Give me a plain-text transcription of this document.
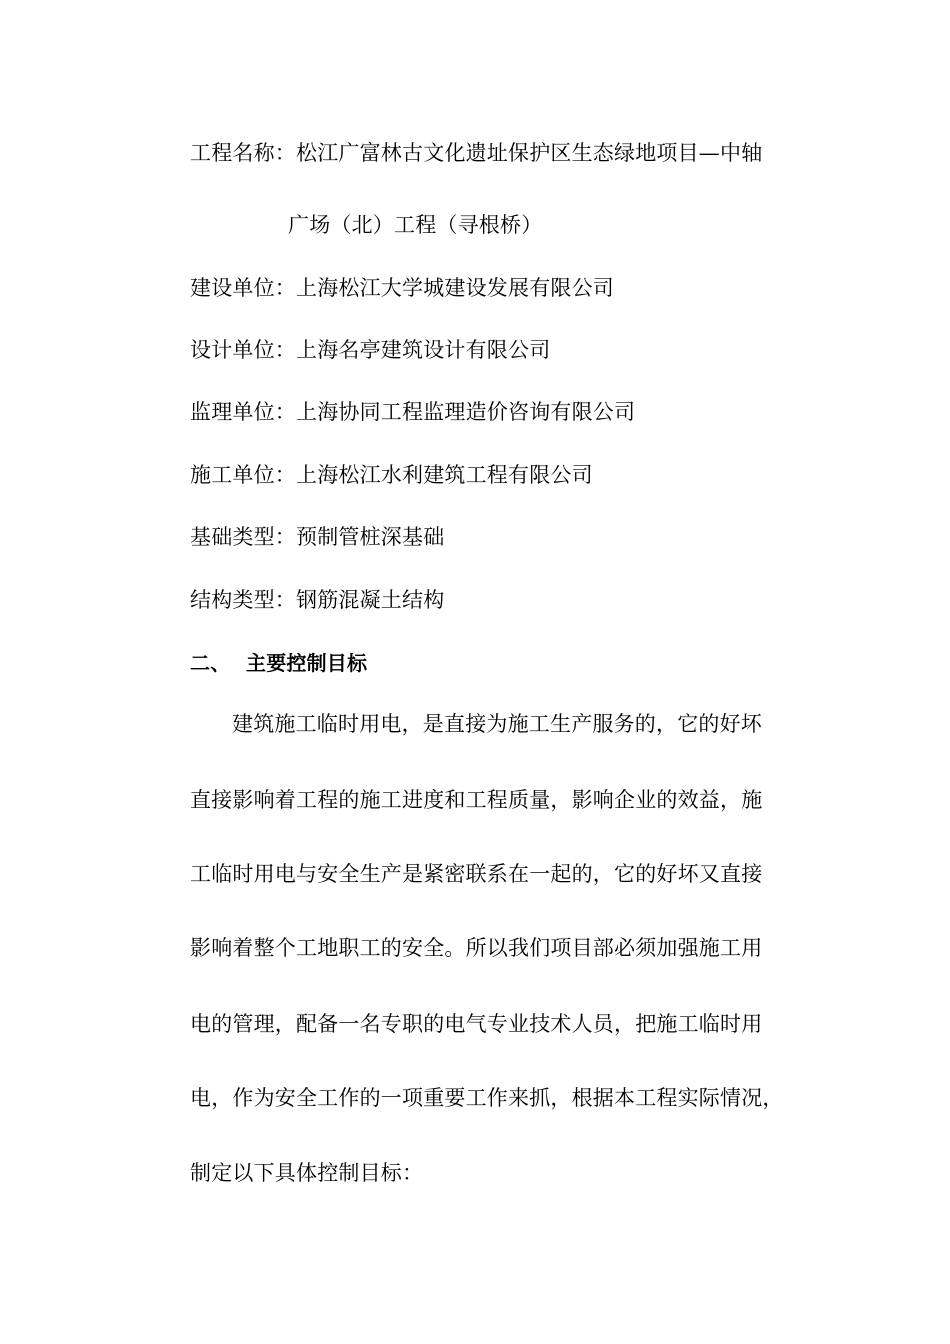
工程名称：松江广富林古文化遗址保护区生态绿地项目—中轴
广场（北）工程（寻根桥）
建设单位：上海松江大学城建设发展有限公司
设计单位：上海名亭建筑设计有限公司
监理单位：上海协同工程监理造价咨询有限公司
施工单位：上海松江水利建筑工程有限公司
基础类型：预制管桩深基础
结构类型：钢筋混凝土结构
二、 主要控制目标
建筑施工临时用电，是直接为施工生产服务的，它的好坏
直接影响着工程的施工进度和工程质量，影响企业的效益，施
工临时用电与安全生产是紧密联系在一起的，它的好坏又直接
影响着整个工地职工的安全。所以我们项目部必须加强施工用
电的管理，配备一名专职的电气专业技术人员，把施工临时用
电，作为安全工作的一项重要工作来抓，根据本工程实际情况，
制定以下具体控制目标：
